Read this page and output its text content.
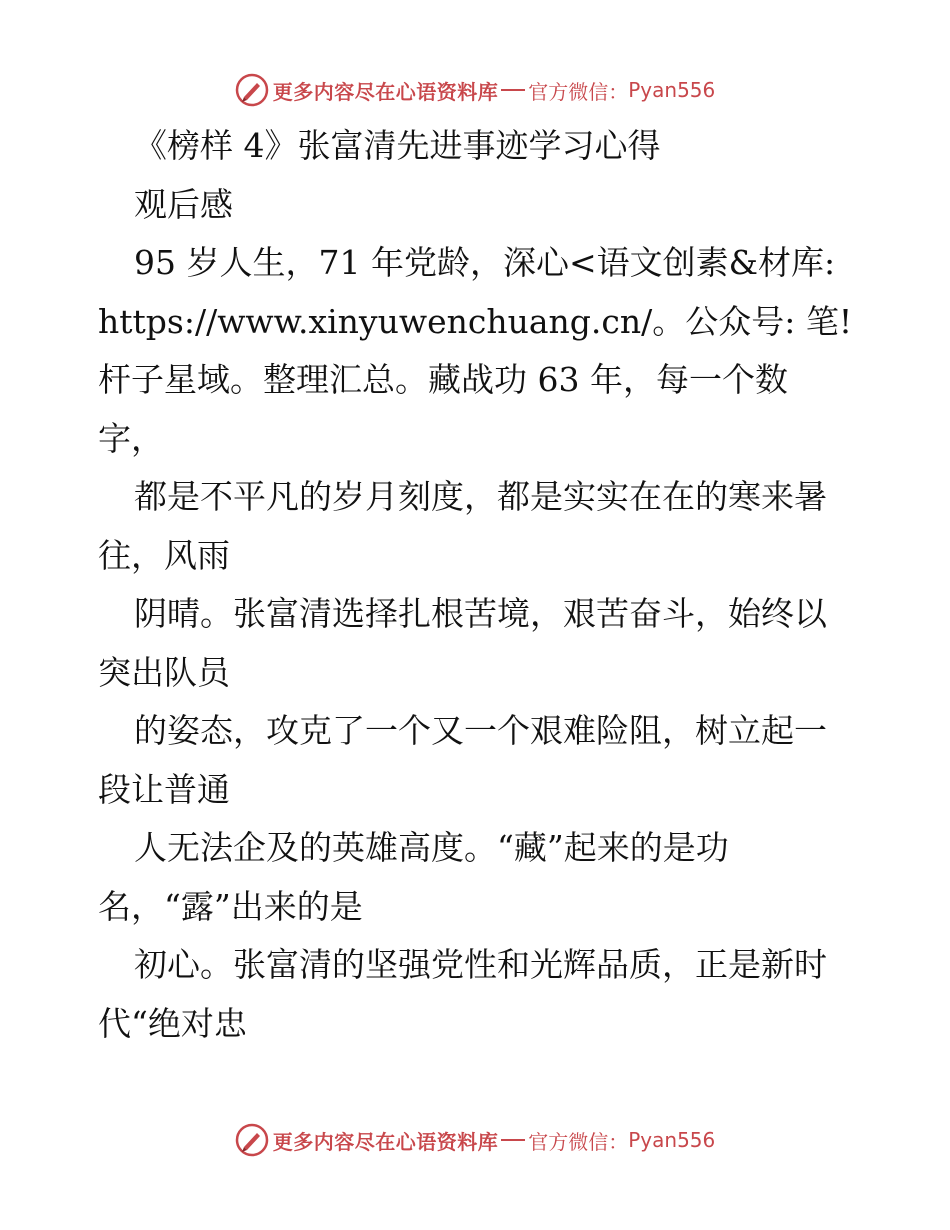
更多内容尽在心语资料库 官方微信： Pyan556

《榜样 4》张富清先进事迹学习心得

观后感

95 岁人生，71 年党龄，深心<语文创素&材库:

https://www.xinyuwenchuang.cn/。公众号: 笔!

杆子星域。整理汇总。藏战功 63 年，每一个数

字，

都是不平凡的岁月刻度，都是实实在在的寒来暑

往，风雨

阴晴。张富清选择扎根苦境，艰苦奋斗，始终以

突出队员

的姿态，攻克了一个又一个艰难险阻，树立起一

段让普通

人无法企及的英雄高度。“藏”起来的是功

名，“露”出来的是

初心。张富清的坚强党性和光辉品质，正是新时

代“绝对忠

更多内容尽在心语资料库 官方微信： Pyan556
